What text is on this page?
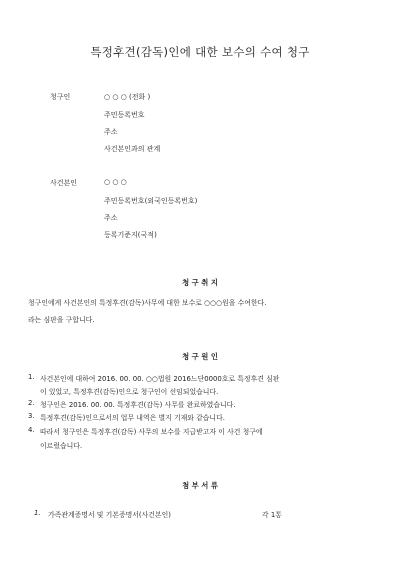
특정후견(감독)인에 대한 보수의 수여 청구
청구인	○ ○ ○ (전화 )
주민등록번호
주소
사건본인과의 관계
사건본인	○ ○ ○
주민등록번호(외국인등록번호)
주소
등록기준지(국적)
청 구 취 지
청구인에게 사건본인의 특정후견(감독)사무에 대한 보수로 ○○○원을 수여한다.
라는 심판을 구합니다.
청 구 원 인
1. 사건본인에 대하여 2016. 00. 00. ○○법원 2016느단0000호로 특정후견 심판
이 있었고, 특정후견(감독)인으로 청구인이 선임되었습니다.
2. 청구인은 2016. 00. 00. 특정후견(감독) 사무를 완료하였습니다.
3. 특정후견(감독)인으로서의 업무 내역은 별지 기재와 같습니다.
4. 따라서 청구인은 특정후견(감독) 사무의 보수를 지급받고자 이 사건 청구에
이르렀습니다.
첨 부 서 류
1. 가족관계증명서 및 기본증명서(사건본인)	각 1통
